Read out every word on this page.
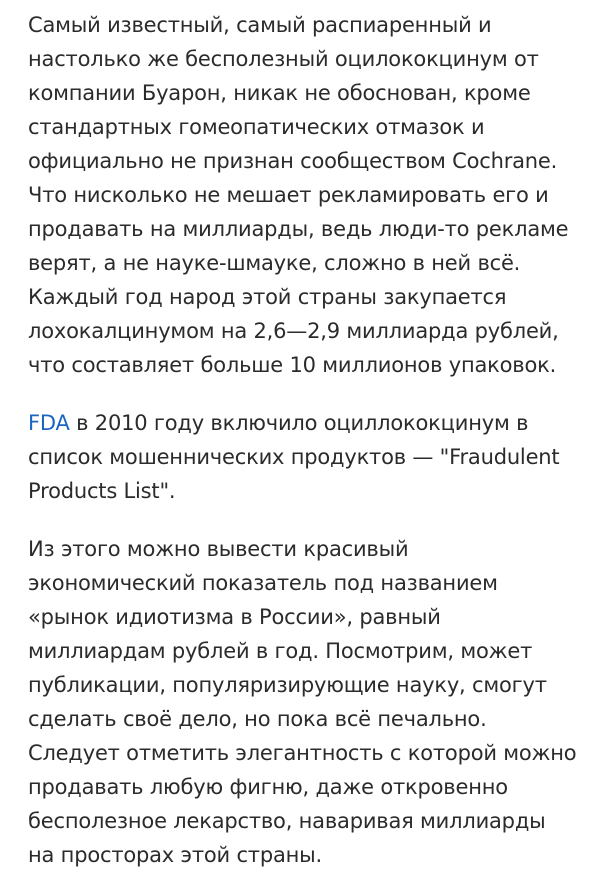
Самый известный, самый распиаренный и
настолько же бесполезный оцилококцинум от
компании Буарон, никак не обоснован, кроме
стандартных гомеопатических отмазок и
официально не признан сообществом Cochrane.
Что нисколько не мешает рекламировать его и
продавать на миллиарды, ведь люди-то рекламе
верят, а не науке-шмауке, сложно в ней всё.
Каждый год народ этой страны закупается
лохокалцинумом на 2,6—2,9 миллиарда рублей,
что составляет больше 10 миллионов упаковок.
FDA в 2010 году включило оциллококцинум в
список мошеннических продуктов — "Fraudulent
Products List".
Из этого можно вывести красивый
экономический показатель под названием
«рынок идиотизма в России», равный
миллиардам рублей в год. Посмотрим, может
публикации, популяризирующие науку, смогут
сделать своё дело, но пока всё печально.
Следует отметить элегантность с которой можно
продавать любую фигню, даже откровенно
бесполезное лекарство, наваривая миллиарды
на просторах этой страны.
